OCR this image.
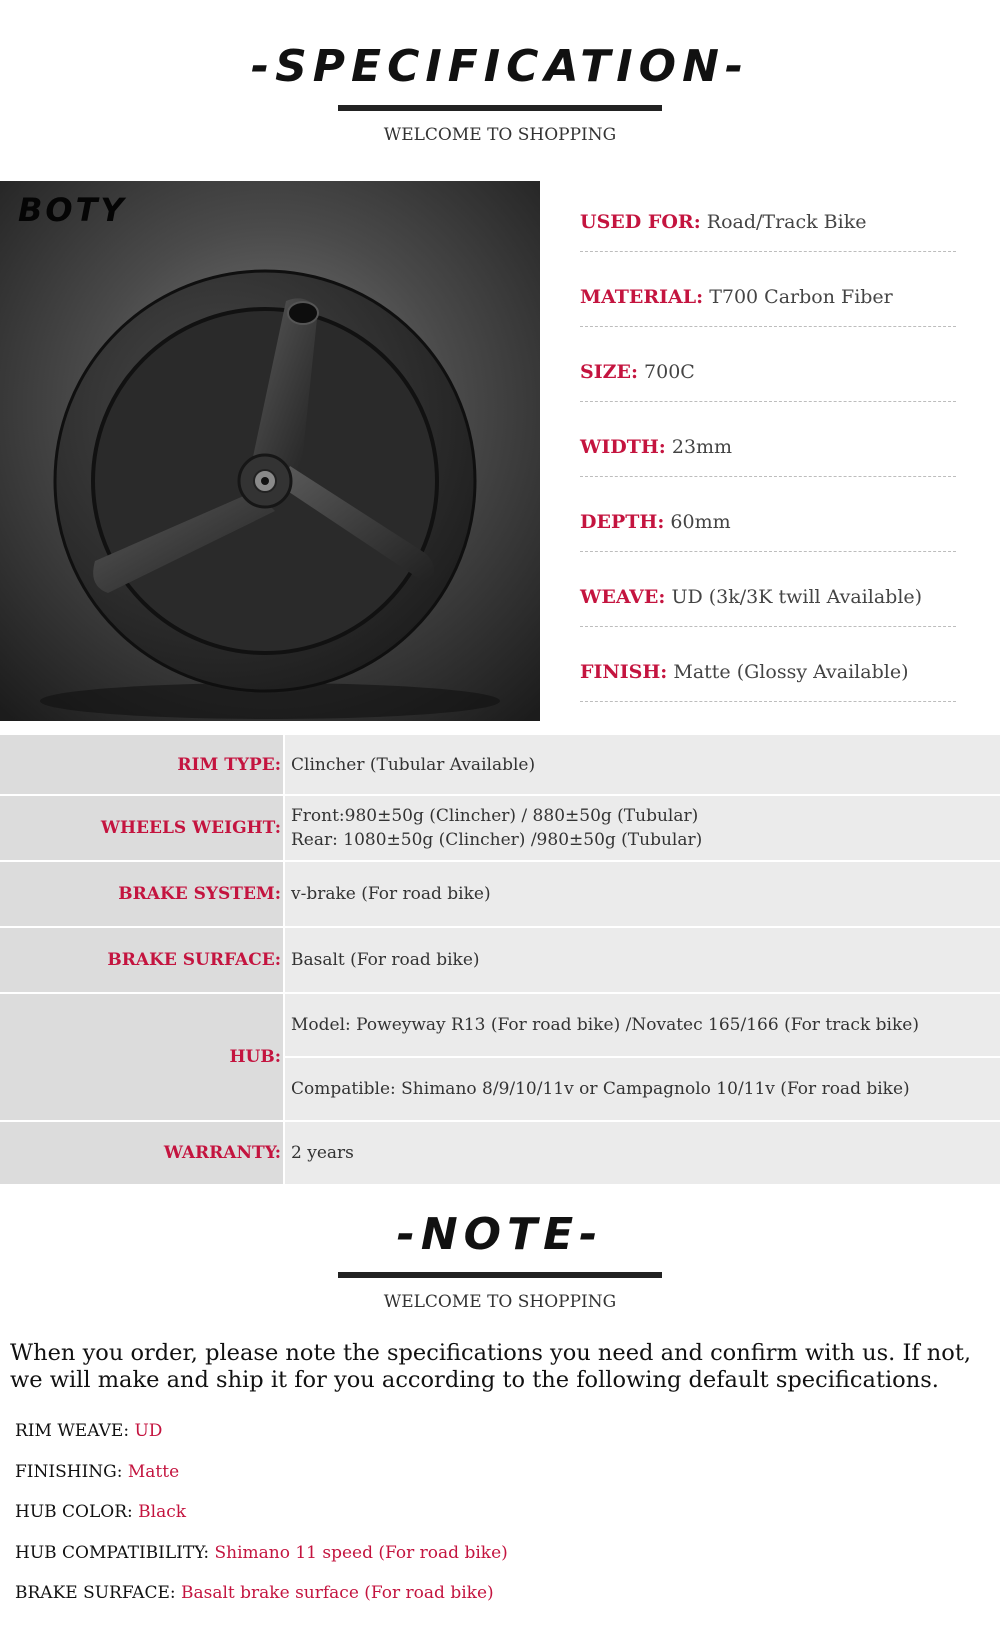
-SPECIFICATION-
WELCOME TO SHOPPING
BOTY	USED FOR: Road/Track Bike
MATERIAL: T700 Carbon Fiber
SIZE: 700C
WIDTH: 23mm
DEPTH: 60mm
WEAVE: UD (3k/3K twill Available)
FINISH: Matte (Glossy Available)
RIM TYPE: Clincher (Tubular Available)
WHEELS WEIGHT:
Front:980±50g (Clincher) / 880±50g (Tubular)
Rear: 1080±50g (Clincher) /980±50g (Tubular)
BRAKE SYSTEM: v-brake (For road bike)
BRAKE SURFACE: Basalt (For road bike)
HUB:
Model: Poweyway R13 (For road bike) /Novatec 165/166 (For track bike)
Compatible: Shimano 8/9/10/11v or Campagnolo 10/11v (For road bike)
WARRANTY: 2 years
-NOTE-
WELCOME TO SHOPPING
When you order, please note the specifications you need and confirm with us. If not, we will make and ship it for you according to the following default specifications.
RIM WEAVE: UD
FINISHING: Matte
HUB COLOR: Black
HUB COMPATIBILITY: Shimano 11 speed (For road bike)
BRAKE SURFACE: Basalt brake surface (For road bike)
